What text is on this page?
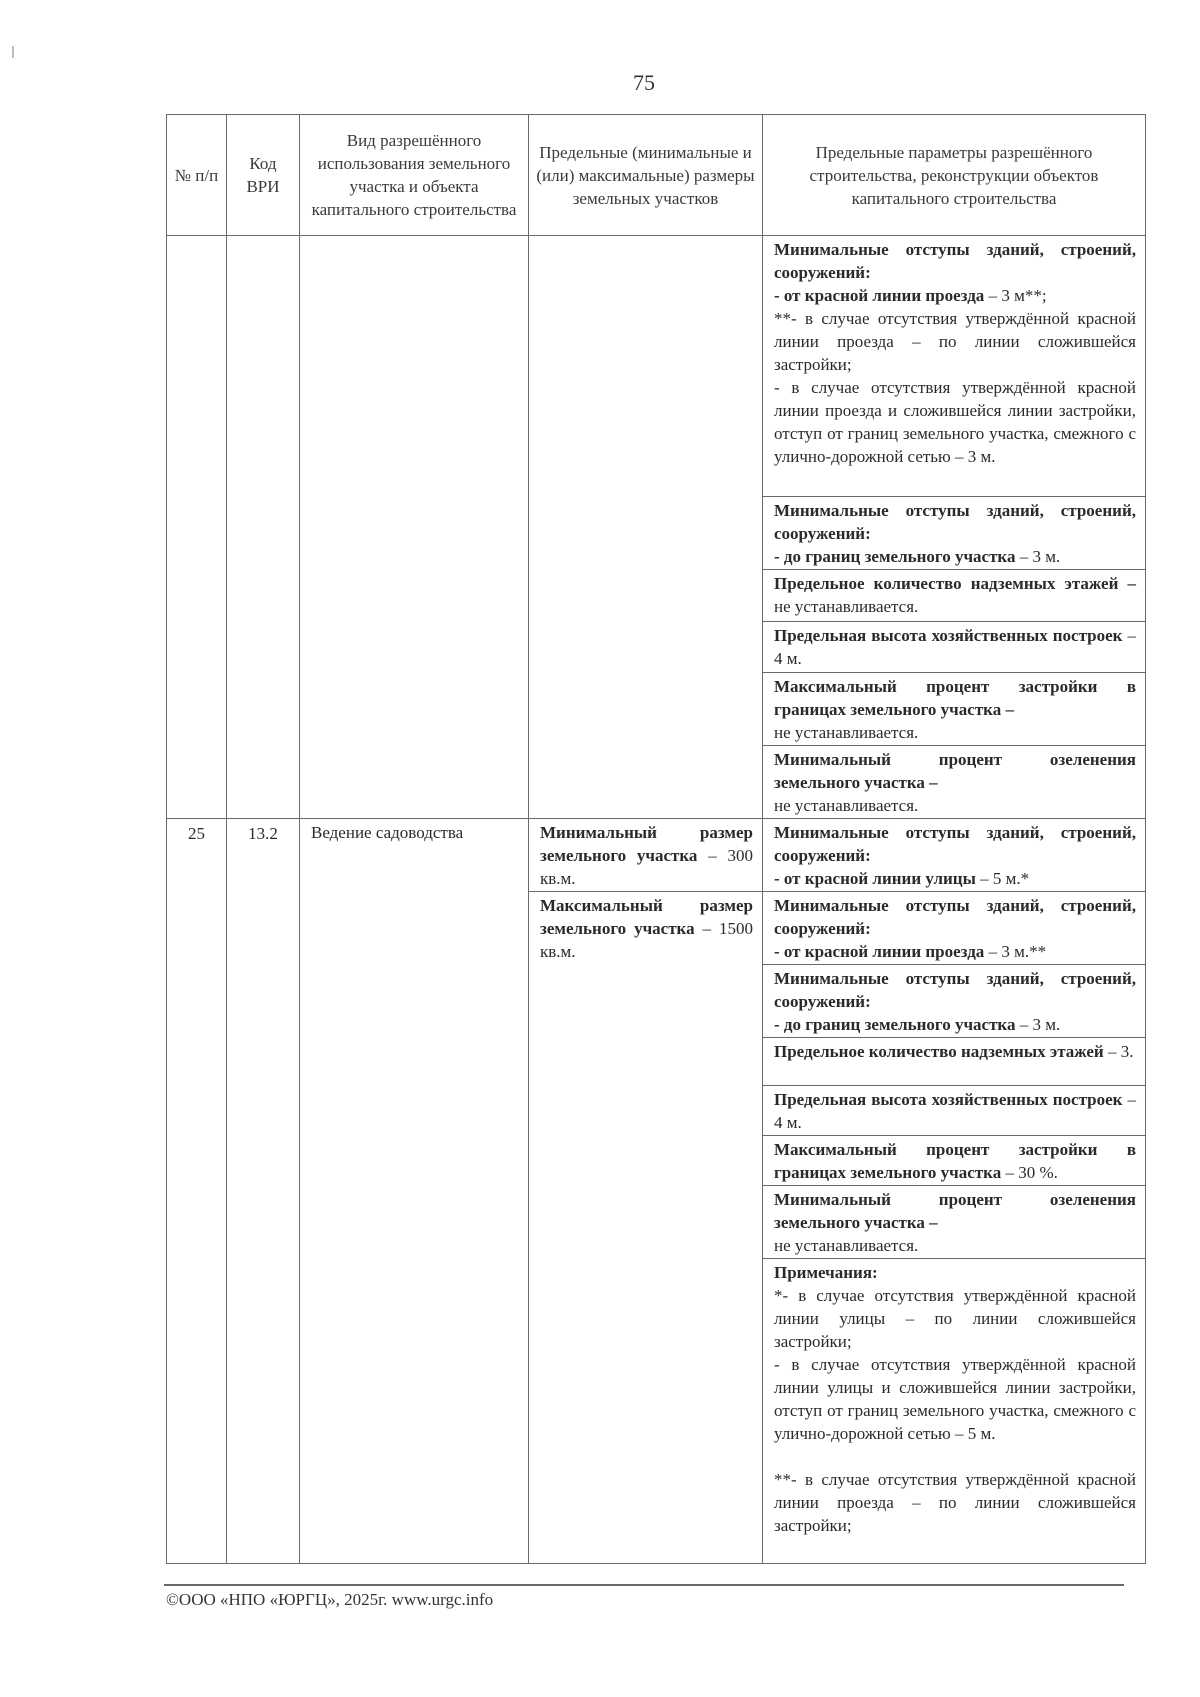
75
№ п/п	Код ВРИ	Вид разрешённого использования земельного участка и объекта капитального строительства	Предельные (минимальные и (или) максимальные) размеры земельных участков	Предельные параметры разрешённого строительства, реконструкции объектов капитального строительства

				Минимальные отступы зданий, строений, сооружений:
- от красной линии проезда – 3 м**;
**- в случае отсутствия утверждённой красной линии проезда – по линии сложившейся застройки;
- в случае отсутствия утверждённой красной линии проезда и сложившейся линии застройки, отступ от границ земельного участка, смежного с улично-дорожной сетью – 3 м.

				Минимальные отступы зданий, строений, сооружений:
- до границ земельного участка – 3 м.

				Предельное количество надземных этажей – не устанавливается.
				Предельная высота хозяйственных построек – 4 м.

				Максимальный процент застройки в границах земельного участка –
не устанавливается.

				Минимальный процент озеленения земельного участка –
не устанавливается.

25	13.2	Ведение садоводства	Минимальный размер земельного участка – 300 кв.м.	Минимальные отступы зданий, строений, сооружений:
- от красной линии улицы – 5 м.*

			Максимальный размер земельного участка – 1500 кв.м.	Минимальные отступы зданий, строений, сооружений:
- от красной линии проезда – 3 м.**

				Минимальные отступы зданий, строений, сооружений:
- до границ земельного участка – 3 м.

				Предельное количество надземных этажей – 3.
				Предельная высота хозяйственных построек – 4 м.
				Максимальный процент застройки в границах земельного участка – 30 %.

				Минимальный процент озеленения земельного участка –
не устанавливается.

				Примечания:
*- в случае отсутствия утверждённой красной линии улицы – по линии сложившейся застройки;
- в случае отсутствия утверждённой красной линии улицы и сложившейся линии застройки, отступ от границ земельного участка, смежного с улично-дорожной сетью – 5 м.
**- в случае отсутствия утверждённой красной линии проезда – по линии сложившейся застройки;
©ООО «НПО «ЮРГЦ», 2025г. www.urgc.info
